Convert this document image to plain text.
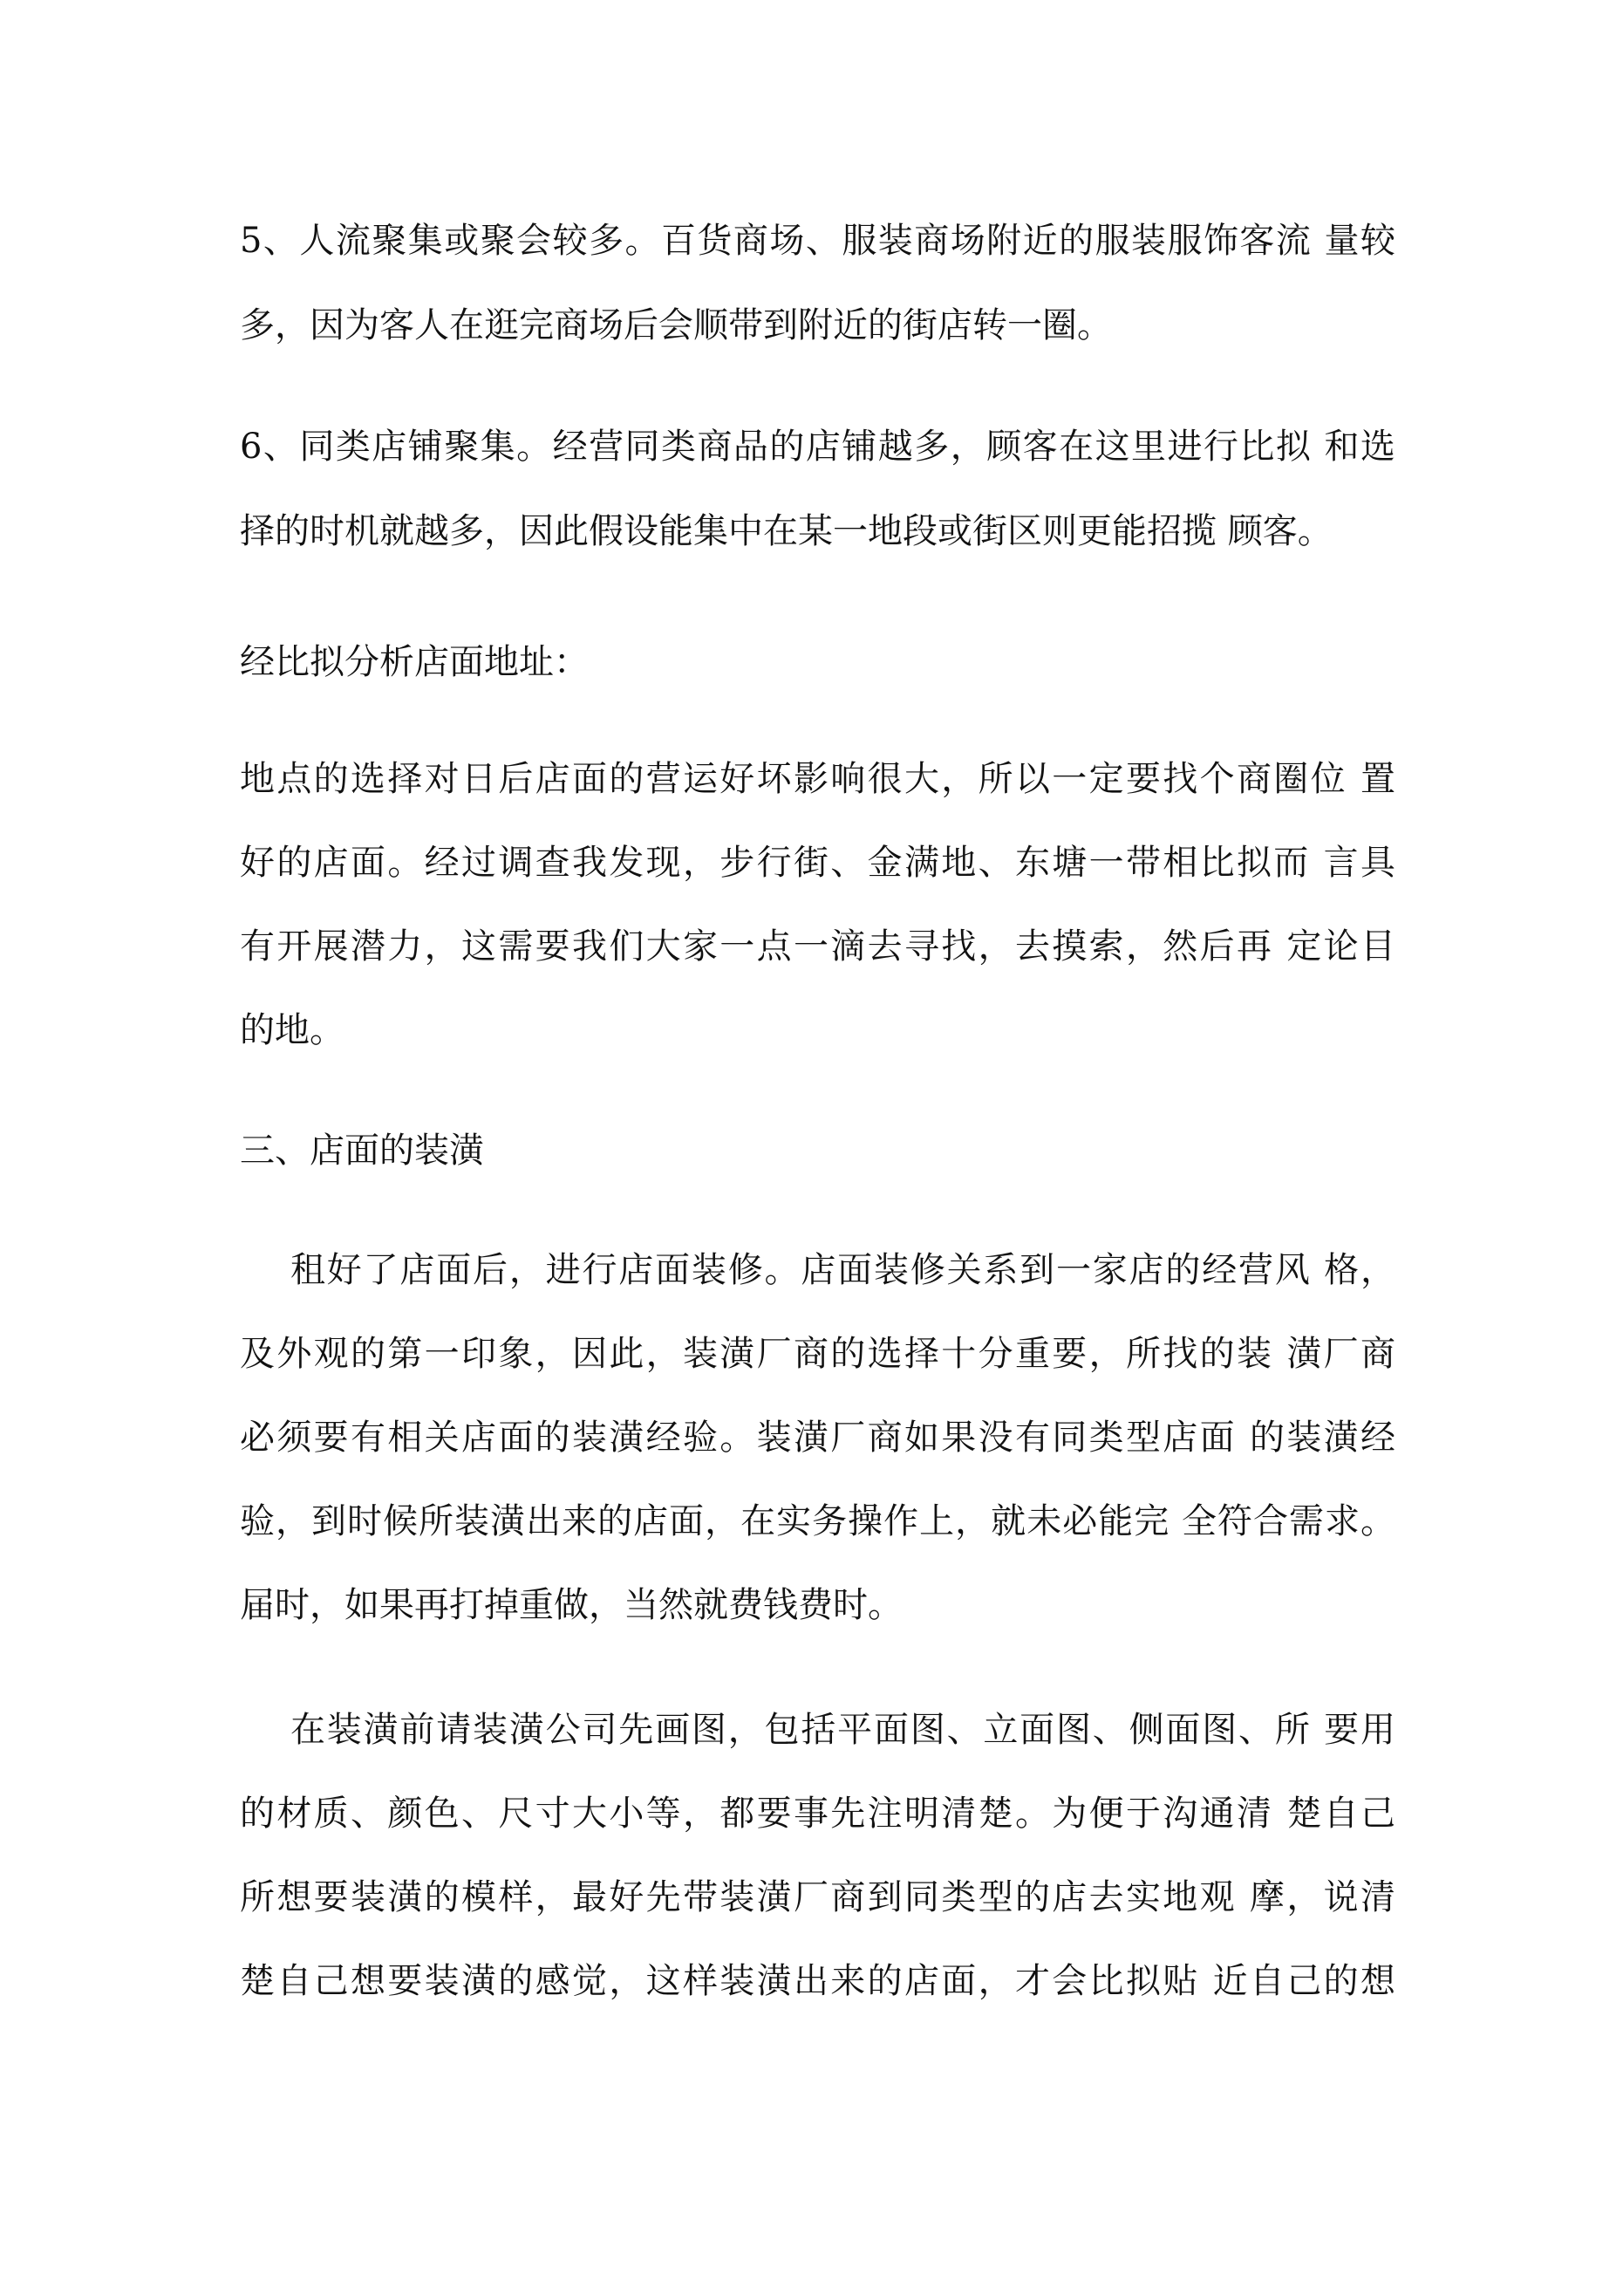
5、人流聚集或聚会较多。百货商场、服装商场附近的服装服饰客流 量较
多，因为客人在逛完商场后会顺带到附近的街店转一圈。
6、同类店铺聚集。经营同类商品的店铺越多，顾客在这里进行比拟 和选
择的时机就越多，因此假设能集中在某一地段或街区则更能招揽 顾客。
经比拟分析店面地址：
地点的选择对日后店面的营运好坏影响很大，所以一定要找个商圈位 置
好的店面。经过调查我发现，步行街、金满地、东塘一带相比拟而 言具
有开展潜力，这需要我们大家一点一滴去寻找，去摸索，然后再 定论目
的地。
三、店面的装潢
租好了店面后，进行店面装修。店面装修关系到一家店的经营风 格，
及外观的第一印象，因此，装潢厂商的选择十分重要，所找的装 潢厂商
必须要有相关店面的装潢经验。装潢厂商如果没有同类型店面 的装潢经
验，到时候所装潢出来的店面，在实务操作上，就未必能完 全符合需求。
届时，如果再打掉重做，当然就费钱费时。
在装潢前请装潢公司先画图，包括平面图、立面图、侧面图、所 要用
的材质、颜色、尺寸大小等，都要事先注明清楚。为便于沟通清 楚自己
所想要装潢的模样，最好先带装潢厂商到同类型的店去实地观 摩，说清
楚自己想要装潢的感觉，这样装潢出来的店面，才会比拟贴 近自己的想
